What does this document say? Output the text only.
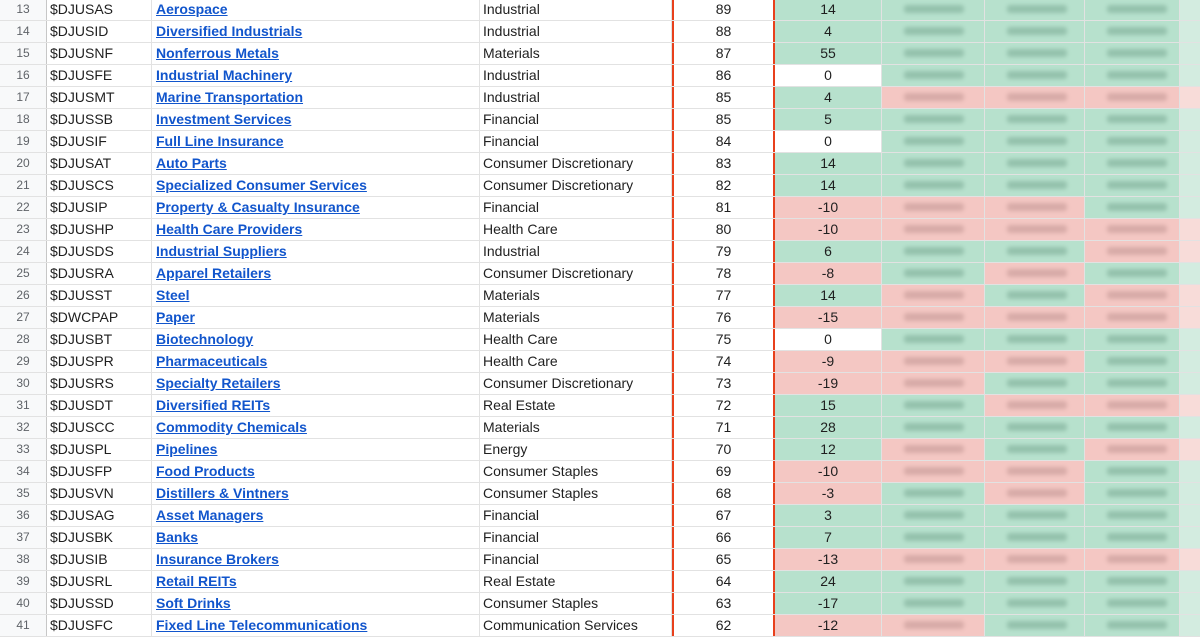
13	$DJUSAS	Aerospace	Industrial	89	14
14	$DJUSID	Diversified Industrials	Industrial	88	4
15	$DJUSNF	Nonferrous Metals	Materials	87	55
16	$DJUSFE	Industrial Machinery	Industrial	86	0
17	$DJUSMT	Marine Transportation	Industrial	85	4
18	$DJUSSB	Investment Services	Financial	85	5
19	$DJUSIF	Full Line Insurance	Financial	84	0
20	$DJUSAT	Auto Parts	Consumer Discretionary	83	14
21	$DJUSCS	Specialized Consumer Services	Consumer Discretionary	82	14
22	$DJUSIP	Property & Casualty Insurance	Financial	81	-10
23	$DJUSHP	Health Care Providers	Health Care	80	-10
24	$DJUSDS	Industrial Suppliers	Industrial	79	6
25	$DJUSRA	Apparel Retailers	Consumer Discretionary	78	-8
26	$DJUSST	Steel	Materials	77	14
27	$DWCPAP	Paper	Materials	76	-15
28	$DJUSBT	Biotechnology	Health Care	75	0
29	$DJUSPR	Pharmaceuticals	Health Care	74	-9
30	$DJUSRS	Specialty Retailers	Consumer Discretionary	73	-19
31	$DJUSDT	Diversified REITs	Real Estate	72	15
32	$DJUSCC	Commodity Chemicals	Materials	71	28
33	$DJUSPL	Pipelines	Energy	70	12
34	$DJUSFP	Food Products	Consumer Staples	69	-10
35	$DJUSVN	Distillers & Vintners	Consumer Staples	68	-3
36	$DJUSAG	Asset Managers	Financial	67	3
37	$DJUSBK	Banks	Financial	66	7
38	$DJUSIB	Insurance Brokers	Financial	65	-13
39	$DJUSRL	Retail REITs	Real Estate	64	24
40	$DJUSSD	Soft Drinks	Consumer Staples	63	-17
41	$DJUSFC	Fixed Line Telecommunications	Communication Services	62	-12
